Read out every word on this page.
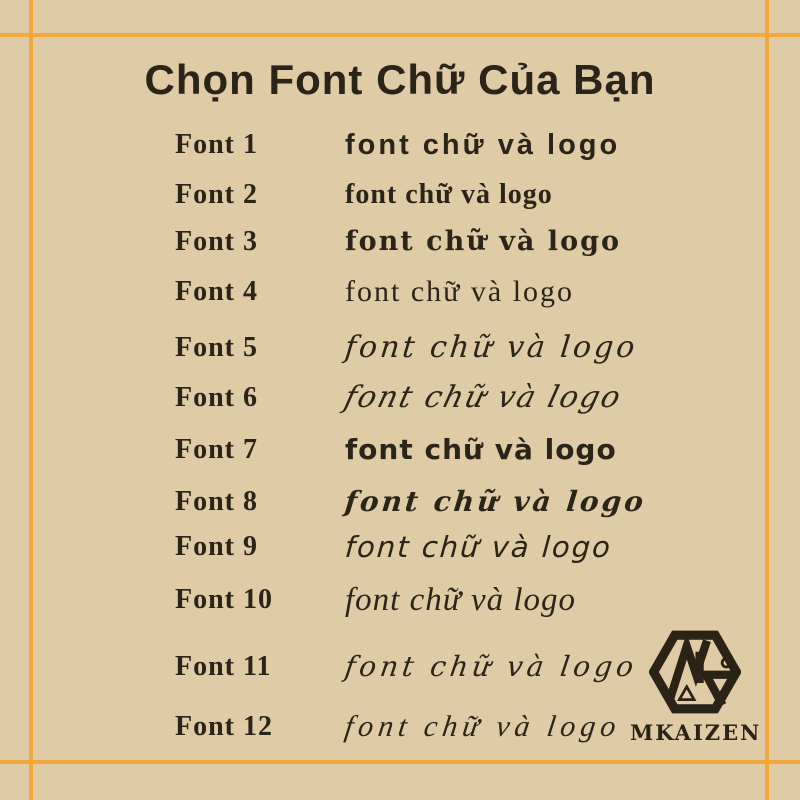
Chọn Font Chữ Của Bạn
Font 1	font chữ và logo
Font 2	font chữ và logo
Font 3	font chữ và logo
Font 4	font chữ và logo
Font 5	font chữ và logo
Font 6	font chữ và logo
Font 7	font chữ và logo
Font 8	font chữ và logo
Font 9	font chữ và logo
Font 10 font chữ và logo
Font 11	font chữ và logo
Font 12 font chữ và logo MKAIZEN
